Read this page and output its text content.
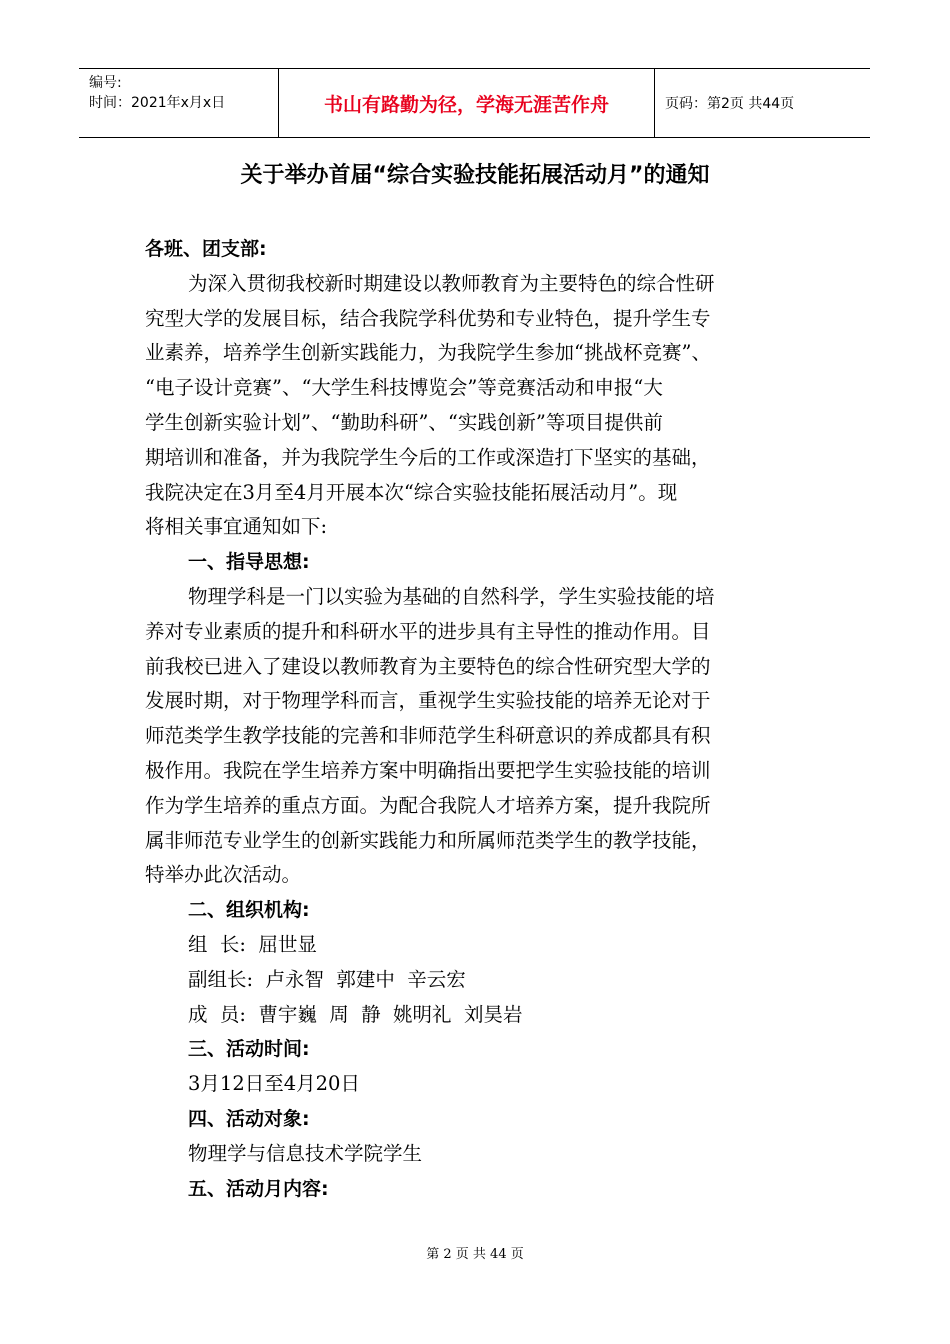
编号:
时间：2021年x月x日	书山有路勤为径，学海无涯苦作舟	页码：第2页 共44页
关于举办首届“综合实验技能拓展活动月”的通知

各班、团支部:

为深入贯彻我校新时期建设以教师教育为主要特色的综合性研

究型大学的发展目标，结合我院学科优势和专业特色，提升学生专

业素养，培养学生创新实践能力，为我院学生参加“挑战杯竞赛”、

“电子设计竞赛”、“大学生科技博览会”等竞赛活动和申报“大

学生创新实验计划”、“勤助科研”、“实践创新”等项目提供前

期培训和准备，并为我院学生今后的工作或深造打下坚实的基础，

我院决定在3月至4月开展本次“综合实验技能拓展活动月”。现

将相关事宜通知如下:

一、指导思想:

物理学科是一门以实验为基础的自然科学，学生实验技能的培

养对专业素质的提升和科研水平的进步具有主导性的推动作用。目

前我校已进入了建设以教师教育为主要特色的综合性研究型大学的

发展时期，对于物理学科而言，重视学生实验技能的培养无论对于

师范类学生教学技能的完善和非师范学生科研意识的养成都具有积

极作用。我院在学生培养方案中明确指出要把学生实验技能的培训

作为学生培养的重点方面。为配合我院人才培养方案，提升我院所

属非师范专业学生的创新实践能力和所属师范类学生的教学技能，

特举办此次活动。

二、组织机构:

组  长:  屈世显

副组长:  卢永智  郭建中  辛云宏

成  员:  曹宇巍  周  静  姚明礼  刘昊岩

三、活动时间:

3月12日至4月20日

四、活动对象:

物理学与信息技术学院学生

五、活动月内容:

第 2 页 共 44 页
